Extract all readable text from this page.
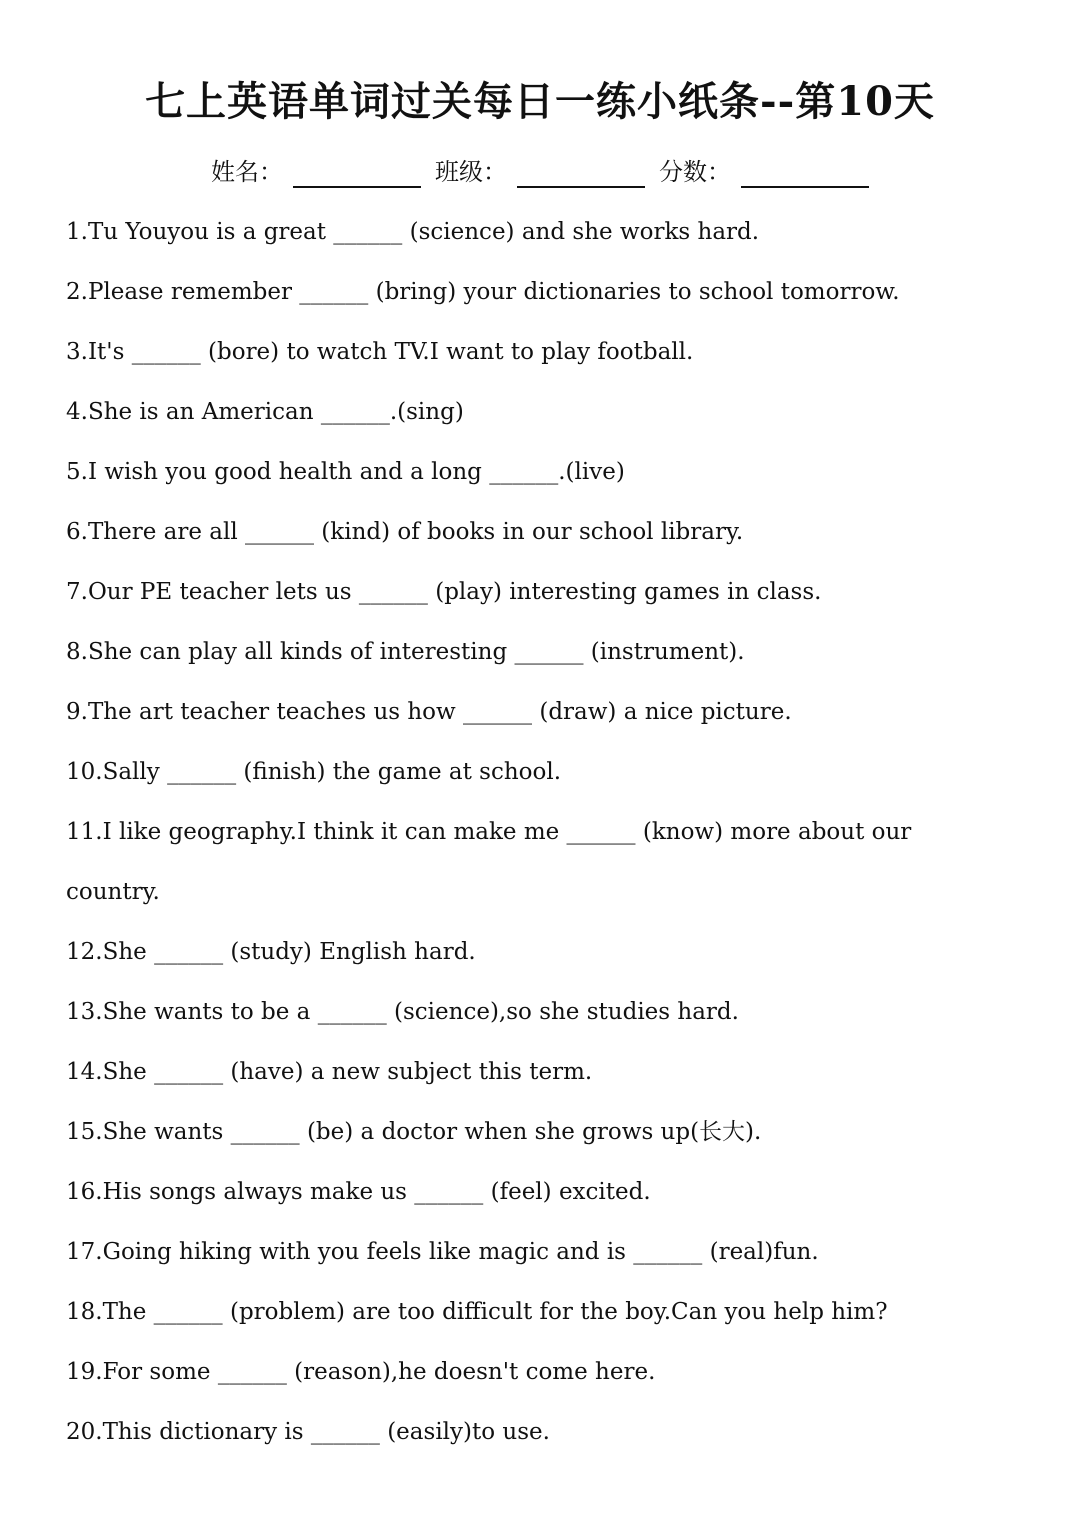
七上英语单词过关每日一练小纸条--第10天
姓名：	班级：	分数：
1.Tu Youyou is a great ______ (science) and she works hard.
2.Please remember ______ (bring) your dictionaries to school tomorrow.
3.It's ______ (bore) to watch TV.I want to play football.
4.She is an American ______.(sing)
5.I wish you good health and a long ______.(live)
6.There are all ______ (kind) of books in our school library.
7.Our PE teacher lets us ______ (play) interesting games in class.
8.She can play all kinds of interesting ______ (instrument).
9.The art teacher teaches us how ______ (draw) a nice picture.
10.Sally ______ (finish) the game at school.
11.I like geography.I think it can make me ______ (know) more about our
country.
12.She ______ (study) English hard.
13.She wants to be a ______ (science),so she studies hard.
14.She ______ (have) a new subject this term.
15.She wants ______ (be) a doctor when she grows up(长大).
16.His songs always make us ______ (feel) excited.
17.Going hiking with you feels like magic and is ______ (real)fun.
18.The ______ (problem) are too difficult for the boy.Can you help him?
19.For some ______ (reason),he doesn't come here.
20.This dictionary is ______ (easily)to use.
